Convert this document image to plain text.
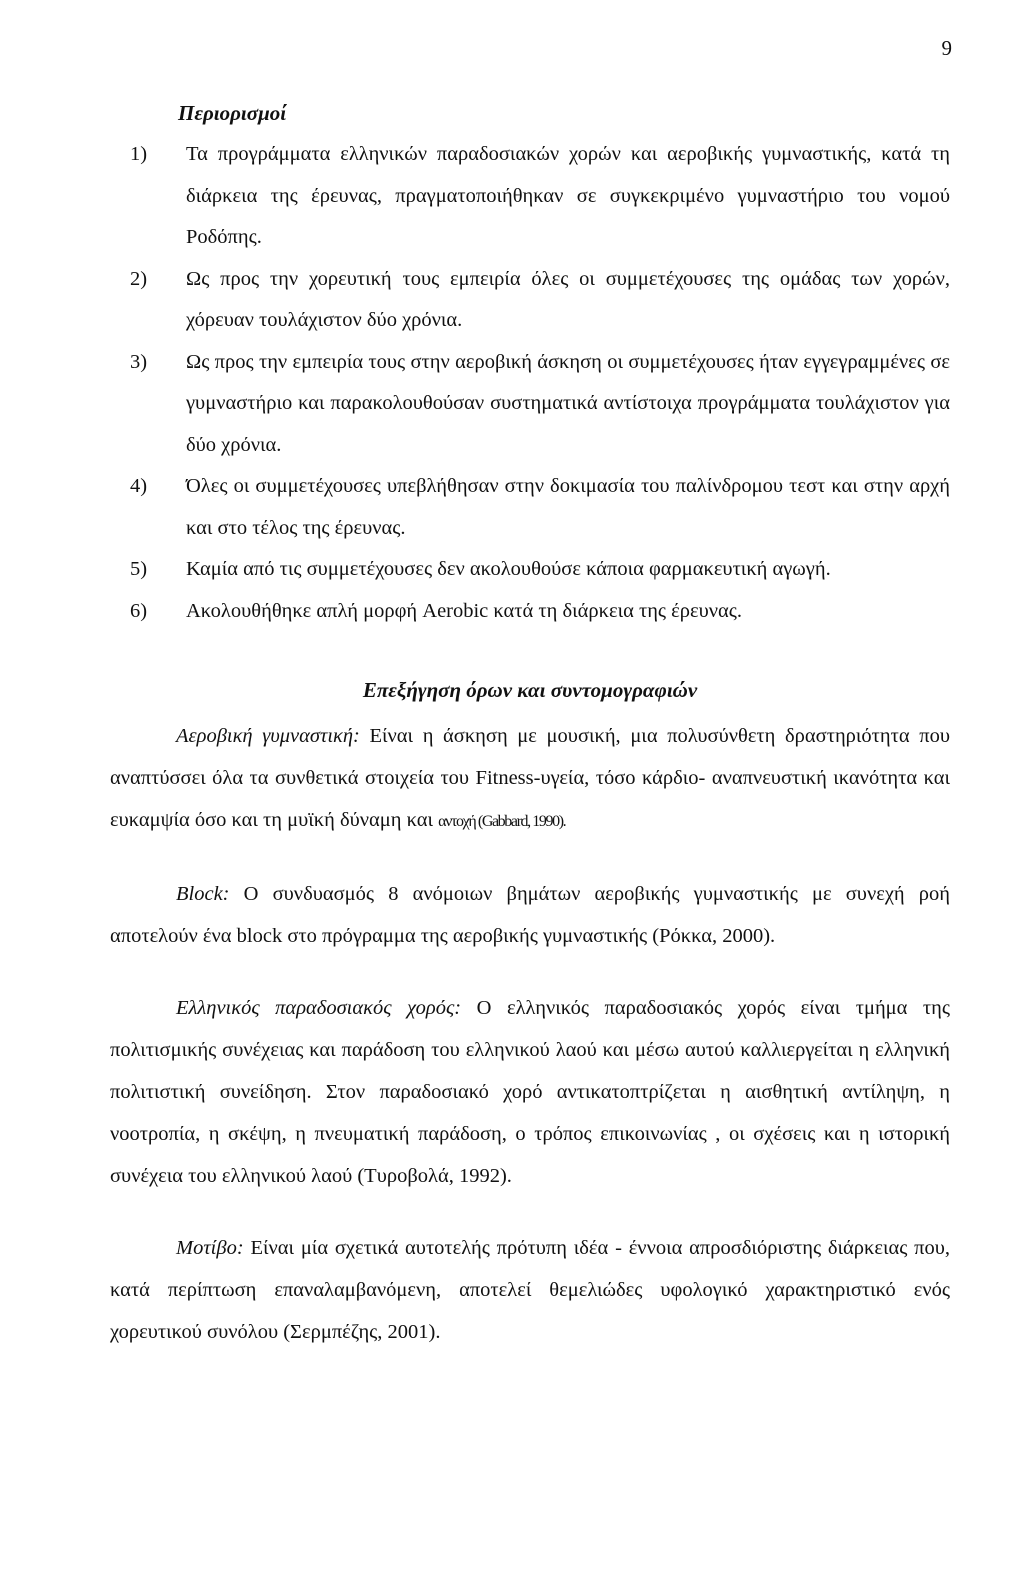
9
Περιορισμοί
1) Τα προγράμματα ελληνικών παραδοσιακών χορών και αεροβικής γυμναστικής, κατά τη διάρκεια της έρευνας, πραγματοποιήθηκαν σε συγκεκριμένο γυμναστήριο του νομού Ροδόπης.
2) Ως προς την χορευτική τους εμπειρία όλες οι συμμετέχουσες της ομάδας των χορών, χόρευαν τουλάχιστον δύο χρόνια.
3) Ως προς την εμπειρία τους στην αεροβική άσκηση οι συμμετέχουσες ήταν εγγεγραμμένες σε γυμναστήριο και παρακολουθούσαν συστηματικά αντίστοιχα προγράμματα τουλάχιστον για δύο χρόνια.
4) Όλες οι συμμετέχουσες υπεβλήθησαν στην δοκιμασία του παλίνδρομου τεστ και στην αρχή και στο τέλος της έρευνας.
5) Καμία από τις συμμετέχουσες δεν ακολουθούσε κάποια φαρμακευτική αγωγή.
6) Ακολουθήθηκε απλή μορφή Aerobic κατά τη διάρκεια της έρευνας.
Επεξήγηση όρων και συντομογραφιών

Αεροβική γυμναστική: Είναι η άσκηση με μουσική, μια πολυσύνθετη δραστηριότητα που αναπτύσσει όλα τα συνθετικά στοιχεία του Fitness-υγεία, τόσο κάρδιο- αναπνευστική ικανότητα και ευκαμψία όσο και τη μυϊκή δύναμη και αντοχή (Gabbard, 1990).

Block: Ο συνδυασμός 8 ανόμοιων βημάτων αεροβικής γυμναστικής με συνεχή ροή αποτελούν ένα block στο πρόγραμμα της αεροβικής γυμναστικής (Ρόκκα, 2000).

Ελληνικός παραδοσιακός χορός: Ο ελληνικός παραδοσιακός χορός είναι τμήμα της πολιτισμικής συνέχειας και παράδοση του ελληνικού λαού και μέσω αυτού καλλιεργείται η ελληνική πολιτιστική συνείδηση. Στον παραδοσιακό χορό αντικατοπτρίζεται η αισθητική αντίληψη, η νοοτροπία, η σκέψη, η πνευματική παράδοση, ο τρόπος επικοινωνίας , οι σχέσεις και η ιστορική συνέχεια του ελληνικού λαού (Τυροβολά, 1992).

Μοτίβο: Είναι μία σχετικά αυτοτελής πρότυπη ιδέα - έννοια απροσδιόριστης διάρκειας που, κατά περίπτωση επαναλαμβανόμενη, αποτελεί θεμελιώδες υφολογικό χαρακτηριστικό ενός χορευτικού συνόλου (Σερμπέζης, 2001).
